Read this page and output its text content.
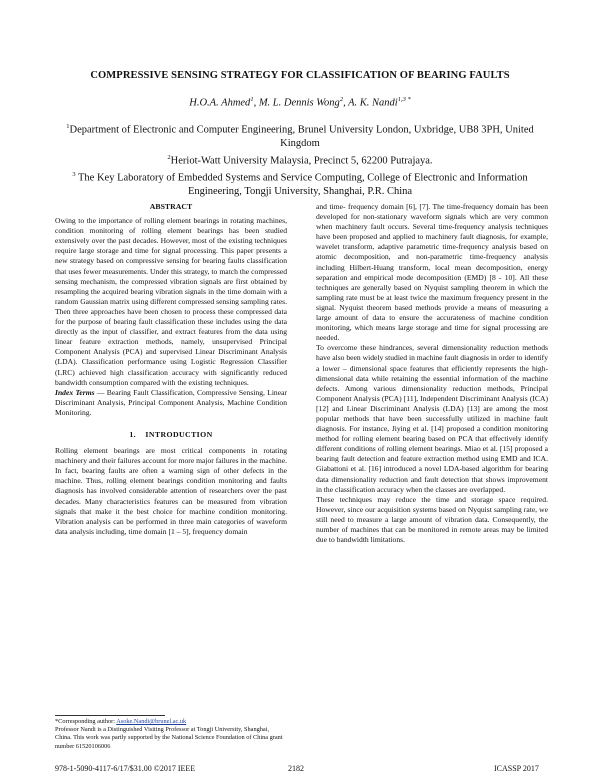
COMPRESSIVE SENSING STRATEGY FOR CLASSIFICATION OF BEARING FAULTS
H.O.A. Ahmed$^1$, M. L. Dennis Wong$^2$, A. K. Nandi$^{1,3 *}$

$^1$Department of Electronic and Computer Engineering, Brunel University London, Uxbridge, UB8 3PH, United Kingdom

$^2$Heriot-Watt University Malaysia, Precinct 5, 62200 Putrajaya.

$^3$ The Key Laboratory of Embedded Systems and Service Computing, College of Electronic and Information Engineering, Tongji University, Shanghai, P.R. China

ABSTRACT

Owing to the importance of rolling element bearings in rotating machines, condition monitoring of rolling element bearings has been studied extensively over the past decades. However, most of the existing techniques require large storage and time for signal processing. This paper presents a new strategy based on compressive sensing for bearing faults classification that uses fewer measurements. Under this strategy, to match the compressed sensing mechanism, the compressed vibration signals are first obtained by resampling the acquired bearing vibration signals in the time domain with a random Gaussian matrix using different compressed sensing sampling rates. Then three approaches have been chosen to process these compressed data for the purpose of bearing fault classification these includes using the data directly as the input of classifier, and extract features from the data using linear feature extraction methods, namely, unsupervised Principal Component Analysis (PCA) and supervised Linear Discriminant Analysis (LDA). Classification performance using Logistic Regression Classifier (LRC) achieved high classification accuracy with significantly reduced bandwidth consumption compared with the existing techniques.

Index Terms — Bearing Fault Classification, Compressive Sensing, Linear Discriminant Analysis, Principal Component Analysis, Machine Condition Monitoring.

1.    INTRODUCTION

Rolling element bearings are most critical components in rotating machinery and their failures account for more major failures in the machine. In fact, bearing faults are often a warning sign of other defects in the machine. Thus, rolling element bearings condition monitoring and faults diagnosis has involved considerable attention of researchers over the past decades. Many characteristics features can be measured from vibration signals that make it the best choice for machine condition monitoring. Vibration analysis can be performed in three main categories of waveform data analysis including, time domain [1 – 5], frequency domain

and time- frequency domain [6], [7]. The time-frequency domain has been developed for non-stationary waveform signals which are very common when machinery fault occurs. Several time-frequency analysis techniques have been proposed and applied to machinery fault diagnosis, for example, wavelet transform, adaptive parametric time-frequency analysis based on atomic decomposition, and non-parametric time-frequency analysis including Hilbert-Huang transform, local mean decomposition, energy separation and empirical mode decomposition (EMD) [8 - 10]. All these techniques are generally based on Nyquist sampling theorem in which the sampling rate must be at least twice the maximum frequency present in the signal. Nyquist theorem based methods provide a means of measuring a large amount of data to ensure the accurateness of machine condition monitoring, which means large storage and time for signal processing are needed.

To overcome these hindrances, several dimensionality reduction methods have also been widely studied in machine fault diagnosis in order to identify a lower – dimensional space features that efficiently represents the high-dimensional data while retaining the essential information of the machine defects. Among various dimensionality reduction methods, Principal Component Analysis (PCA) [11], Independent Discriminant Analysis (ICA) [12] and Linear Discriminant Analysis (LDA) [13] are among the most popular methods that have been successfully utilized in machine fault diagnosis. For instance, Jiying et al. [14] proposed a condition monitoring method for rolling element bearing based on PCA that effectively identify different conditions of rolling element bearings. Miao et al. [15] proposed a bearing fault detection and feature extraction method using EMD and ICA. Giabattoni et al. [16] introduced a novel LDA-based algorithm for bearing data dimensionality reduction and fault detection that shows improvement in the classification accuracy when the classes are overlapped.

These techniques may reduce the time and storage space required. However, since our acquisition systems based on Nyquist sampling rate, we still need to measure a large amount of vibration data. Consequently, the number of machines that can be monitored in remote areas may be limited due to bandwidth limitations.

*Corresponding author: Asoke.Nandi@brunel.ac.uk

Professor Nandi is a Distinguished Visiting Professor at Tongji University, Shanghai, China. This work was partly supported by the National Science Foundation of China grant number 61520106006

978-1-5090-4117-6/17/$31.00 ©2017 IEEE	2182	ICASSP 2017
